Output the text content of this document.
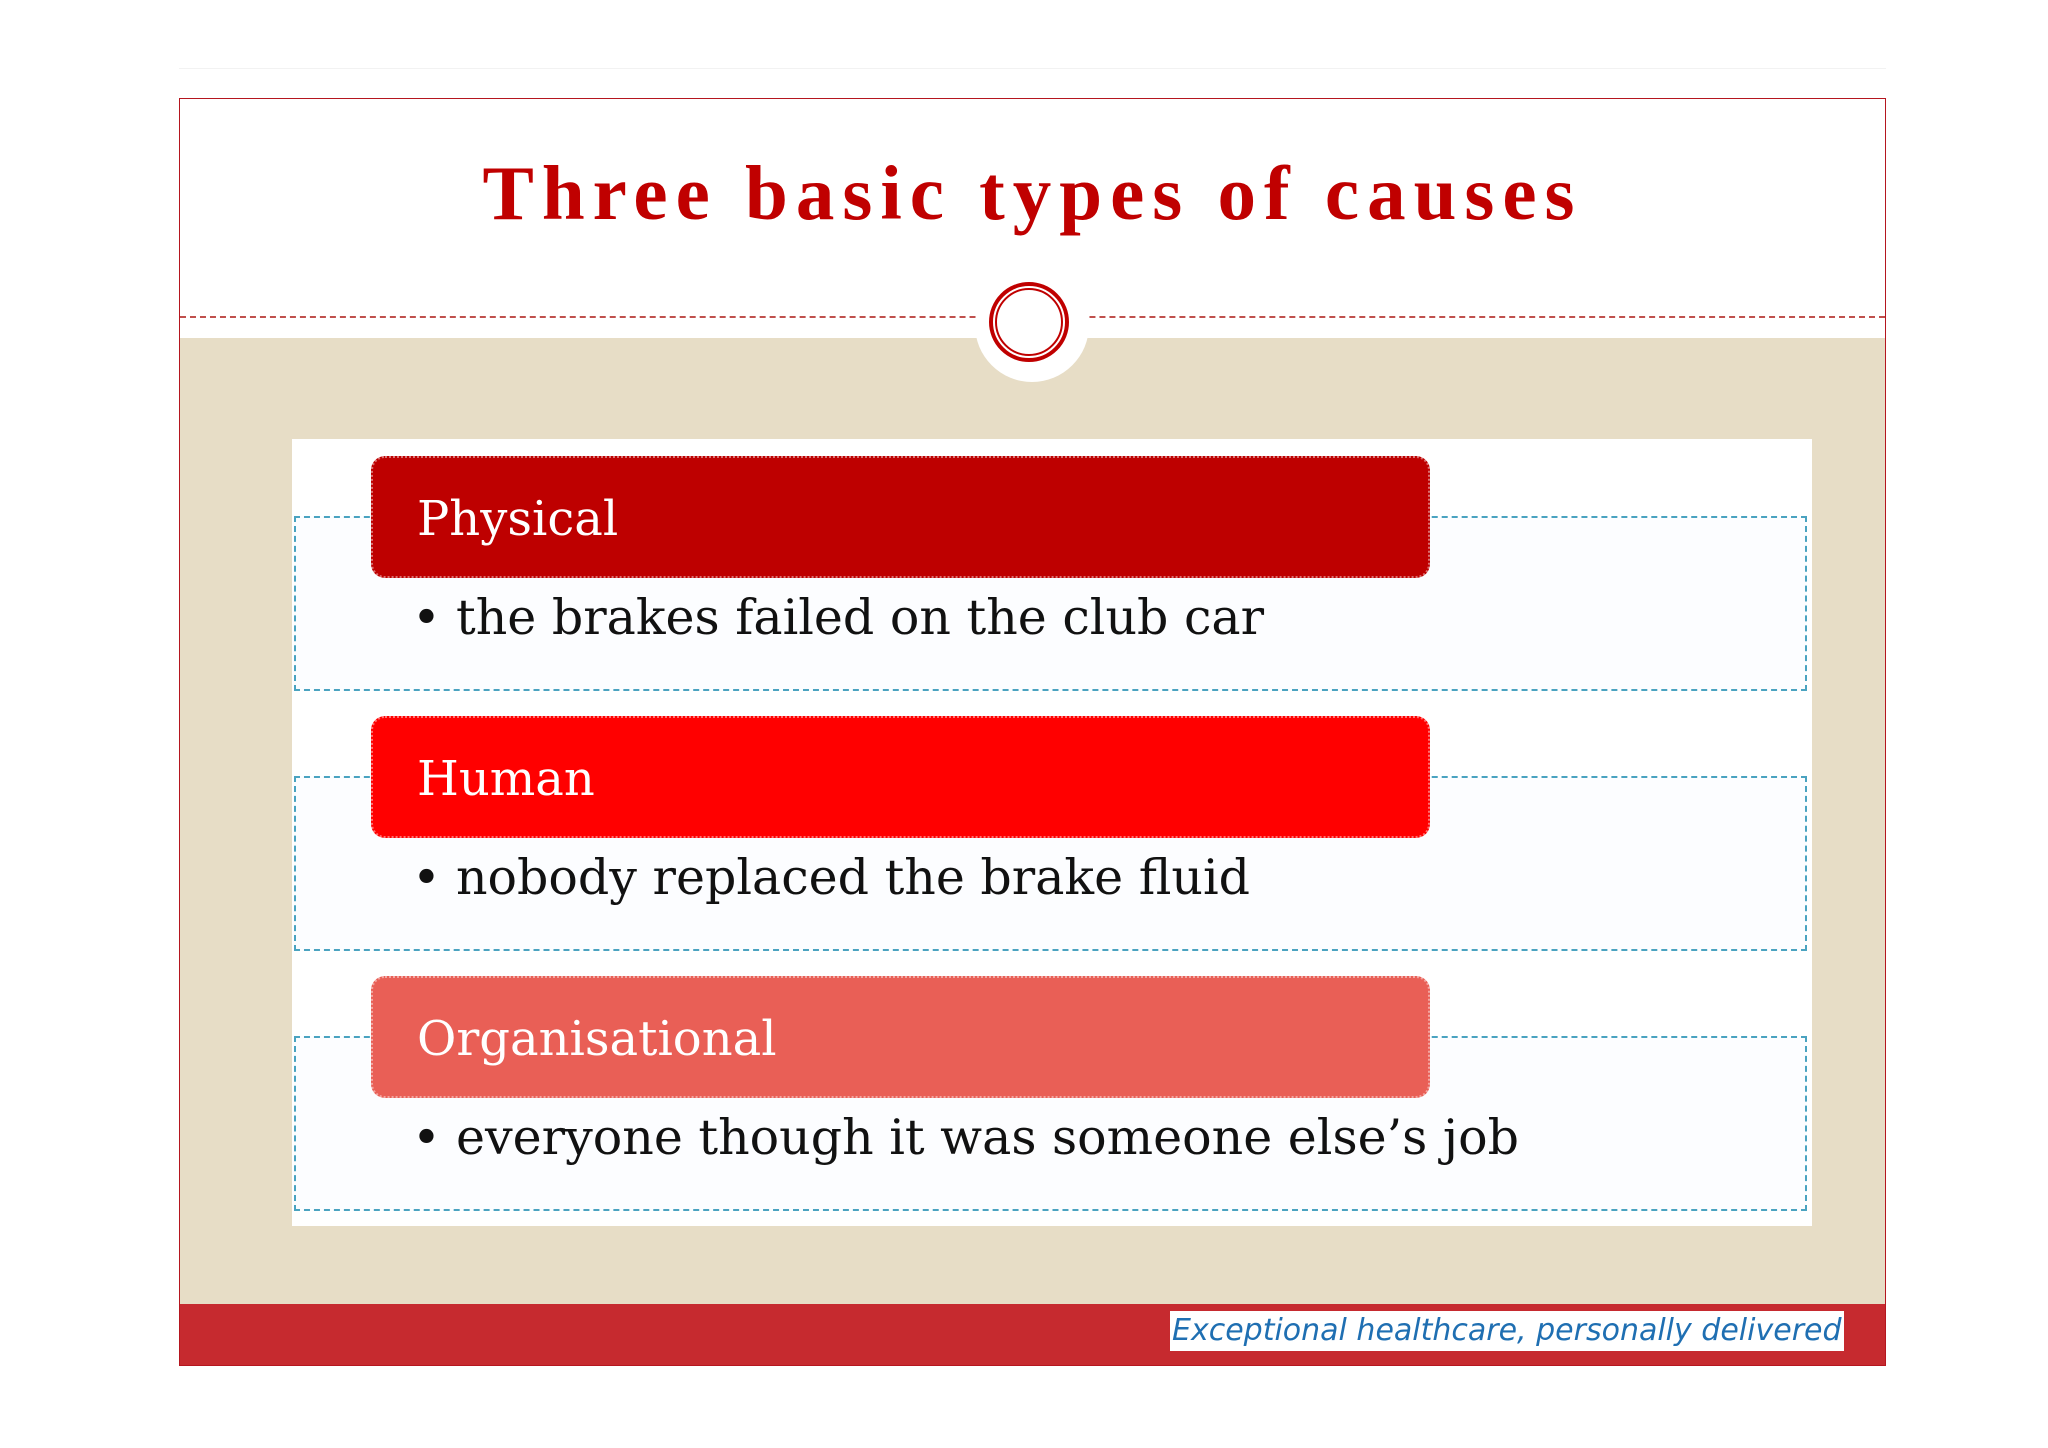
Three basic types of causes
Physical
• the brakes failed on the club car
Human
• nobody replaced the brake fluid
Organisational
• everyone though it was someone else’s job
Exceptional healthcare, personally delivered
